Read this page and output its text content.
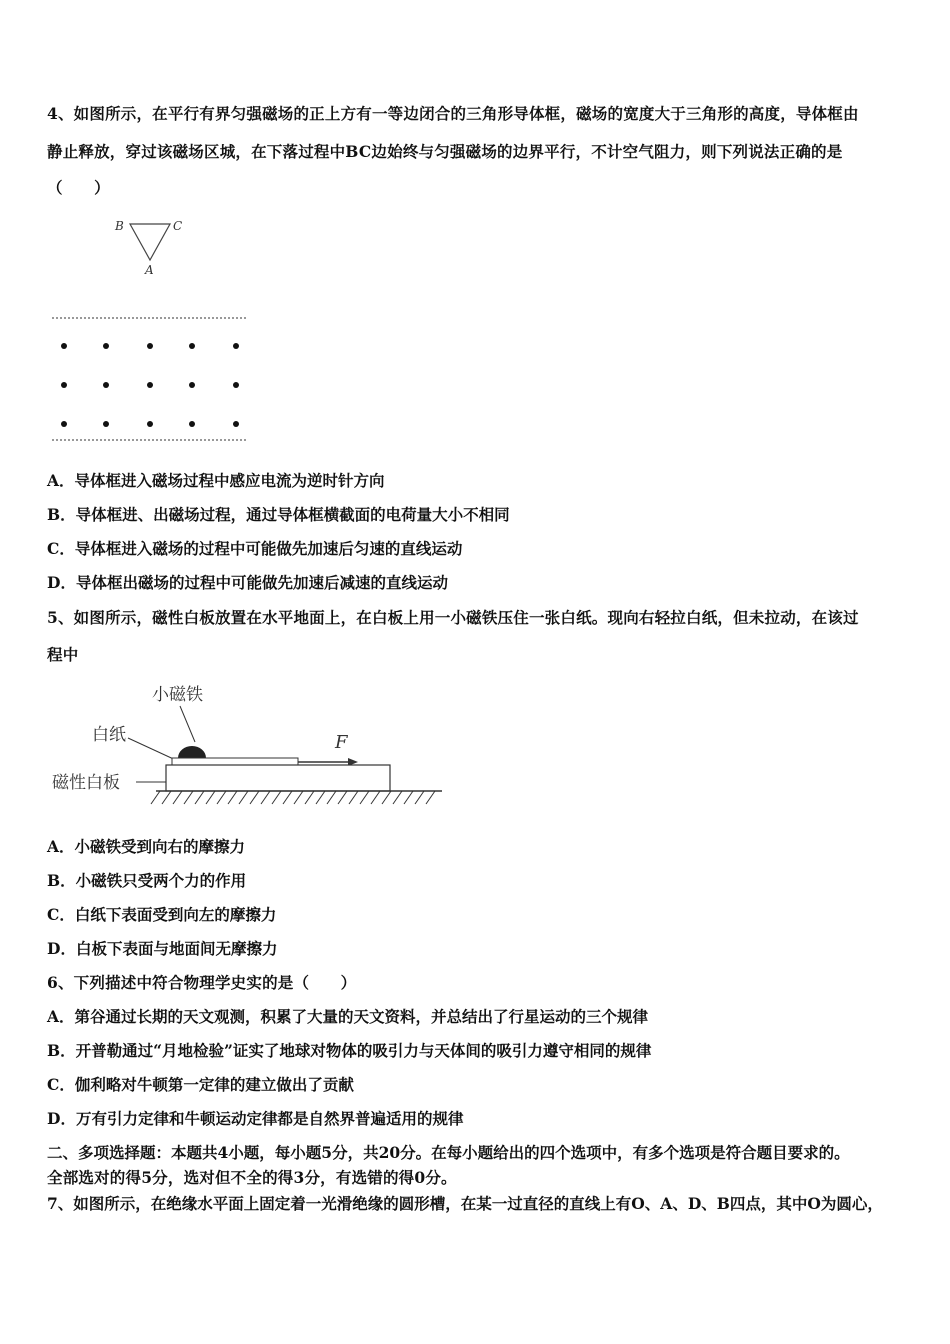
4、如图所示，在平行有界匀强磁场的正上方有一等边闭合的三角形导体框，磁场的宽度大于三角形的高度，导体框由
静止释放，穿过该磁场区城，在下落过程中BC边始终与匀强磁场的边界平行，不计空气阻力，则下列说法正确的是
（　　）
B	C
A
A．导体框进入磁场过程中感应电流为逆时针方向
B．导体框进、出磁场过程，通过导体框横截面的电荷量大小不相同
C．导体框进入磁场的过程中可能做先加速后匀速的直线运动
D．导体框出磁场的过程中可能做先加速后减速的直线运动
5、如图所示，磁性白板放置在水平地面上，在白板上用一小磁铁压住一张白纸。现向右轻拉白纸，但未拉动，在该过
程中
小磁铁
白纸
磁性白板
F
A．小磁铁受到向右的摩擦力
B．小磁铁只受两个力的作用
C．白纸下表面受到向左的摩擦力
D．白板下表面与地面间无摩擦力
6、下列描述中符合物理学史实的是（　　）
A．第谷通过长期的天文观测，积累了大量的天文资料，并总结出了行星运动的三个规律
B．开普勒通过“月地检验”证实了地球对物体的吸引力与天体间的吸引力遵守相同的规律
C．伽利略对牛顿第一定律的建立做出了贡献
D．万有引力定律和牛顿运动定律都是自然界普遍适用的规律
二、多项选择题：本题共4小题，每小题5分，共20分。在每小题给出的四个选项中，有多个选项是符合题目要求的。
全部选对的得5分，选对但不全的得3分，有选错的得0分。
7、如图所示，在绝缘水平面上固定着一光滑绝缘的圆形槽，在某一过直径的直线上有O、A、D、B四点，其中O为圆心，
